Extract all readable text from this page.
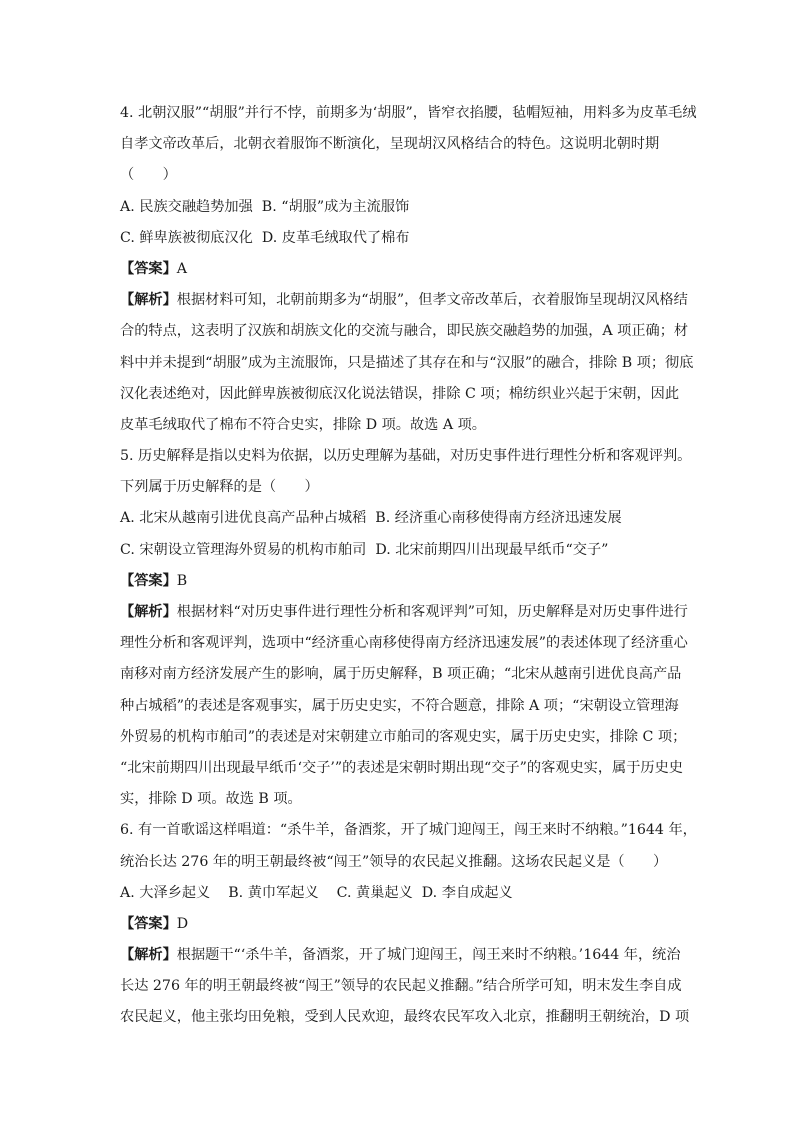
4. 北朝汉服”“胡服”并行不悖，前期多为‘胡服”，皆窄衣掐腰，毡帽短袖，用料多为皮革毛绒
自孝文帝改革后，北朝衣着服饰不断演化，呈现胡汉风格结合的特色。这说明北朝时期
（　　）
A. 民族交融趋势加强  B. “胡服”成为主流服饰
C. 鲜卑族被彻底汉化  D. 皮革毛绒取代了棉布
【答案】A
【解析】根据材料可知，北朝前期多为“胡服”，但孝文帝改革后，衣着服饰呈现胡汉风格结
合的特点，这表明了汉族和胡族文化的交流与融合，即民族交融趋势的加强，A 项正确；材
料中并未提到“胡服”成为主流服饰，只是描述了其存在和与“汉服”的融合，排除 B 项；彻底
汉化表述绝对，因此鲜卑族被彻底汉化说法错误，排除 C 项；棉纺织业兴起于宋朝，因此
皮革毛绒取代了棉布不符合史实，排除 D 项。故选 A 项。
5. 历史解释是指以史料为依据，以历史理解为基础，对历史事件进行理性分析和客观评判。
下列属于历史解释的是（　　）
A. 北宋从越南引进优良高产品种占城稻  B. 经济重心南移使得南方经济迅速发展
C. 宋朝设立管理海外贸易的机构市舶司  D. 北宋前期四川出现最早纸币“交子”
【答案】B
【解析】根据材料“对历史事件进行理性分析和客观评判”可知，历史解释是对历史事件进行
理性分析和客观评判，选项中“经济重心南移使得南方经济迅速发展”的表述体现了经济重心
南移对南方经济发展产生的影响，属于历史解释，B 项正确；“北宋从越南引进优良高产品
种占城稻”的表述是客观事实，属于历史史实，不符合题意，排除 A 项；“宋朝设立管理海
外贸易的机构市舶司”的表述是对宋朝建立市舶司的客观史实，属于历史史实，排除 C 项；
“北宋前期四川出现最早纸币‘交子’”的表述是宋朝时期出现“交子”的客观史实，属于历史史
实，排除 D 项。故选 B 项。
6. 有一首歌谣这样唱道：“杀牛羊，备酒浆，开了城门迎闯王，闯王来时不纳粮。”1644 年，
统治长达 276 年的明王朝最终被“闯王”领导的农民起义推翻。这场农民起义是（　　）
A. 大泽乡起义    B. 黄巾军起义    C. 黄巢起义  D. 李自成起义
【答案】D
【解析】根据题干“‘杀牛羊，备酒浆，开了城门迎闯王，闯王来时不纳粮。’1644 年，统治
长达 276 年的明王朝最终被“闯王”领导的农民起义推翻。”结合所学可知，明末发生李自成
农民起义，他主张均田免粮，受到人民欢迎，最终农民军攻入北京，推翻明王朝统治，D 项
